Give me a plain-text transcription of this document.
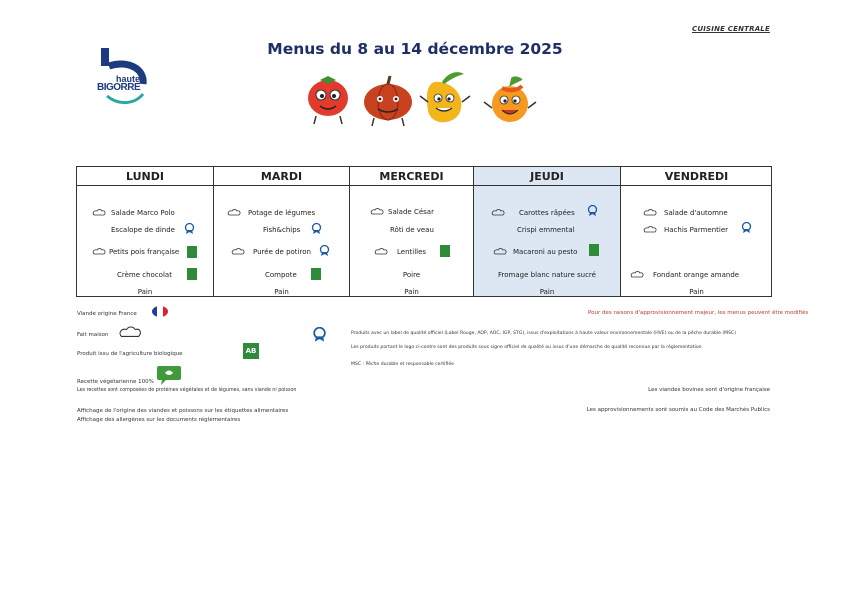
CUISINE CENTRALE
Menus du 8 au 14 décembre 2025
haute
BIGORRE
LUNDI
Salade Marco Polo
Escalope de dinde
Petits pois française
Crème chocolat
Pain
MARDI
Potage de légumes
Fish&chips
Purée de potiron
Compote
Pain
MERCREDI
Salade César
Rôti de veau
Lentilles
Poire
Pain
JEUDI
Carottes râpées
Crispi emmental
Macaroni au pesto
Fromage blanc nature sucré
Pain
VENDREDI
Salade d'automne
Hachis Parmentier
Fondant orange amande
Pain
Viande origine France
Fait maison
Produit issu de l'agriculture biologique	AB
Recette végétarienne 100%
Les recettes sont composées de protéines végétales et de légumes, sans viande ni poisson
Affichage de l'origine des viandes et poissons sur les étiquettes alimentaires
Affichage des allergènes sur les documents réglementaires
Produits avec un label de qualité officiel (Label Rouge, AOP, AOC, IGP, STG), issus d'exploitations à haute valeur environnementale (HVE) ou de la pêche durable (MSC)
Les produits portant le logo ci-contre sont des produits sous signe officiel de qualité ou issus d'une démarche de qualité reconnue par la réglementation
MSC : Pêche durable et responsable certifiée
Pour des raisons d'approvisionnement majeur, les menus peuvent être modifiés
Les viandes bovines sont d'origine française
Les approvisionnements sont soumis au Code des Marchés Publics
